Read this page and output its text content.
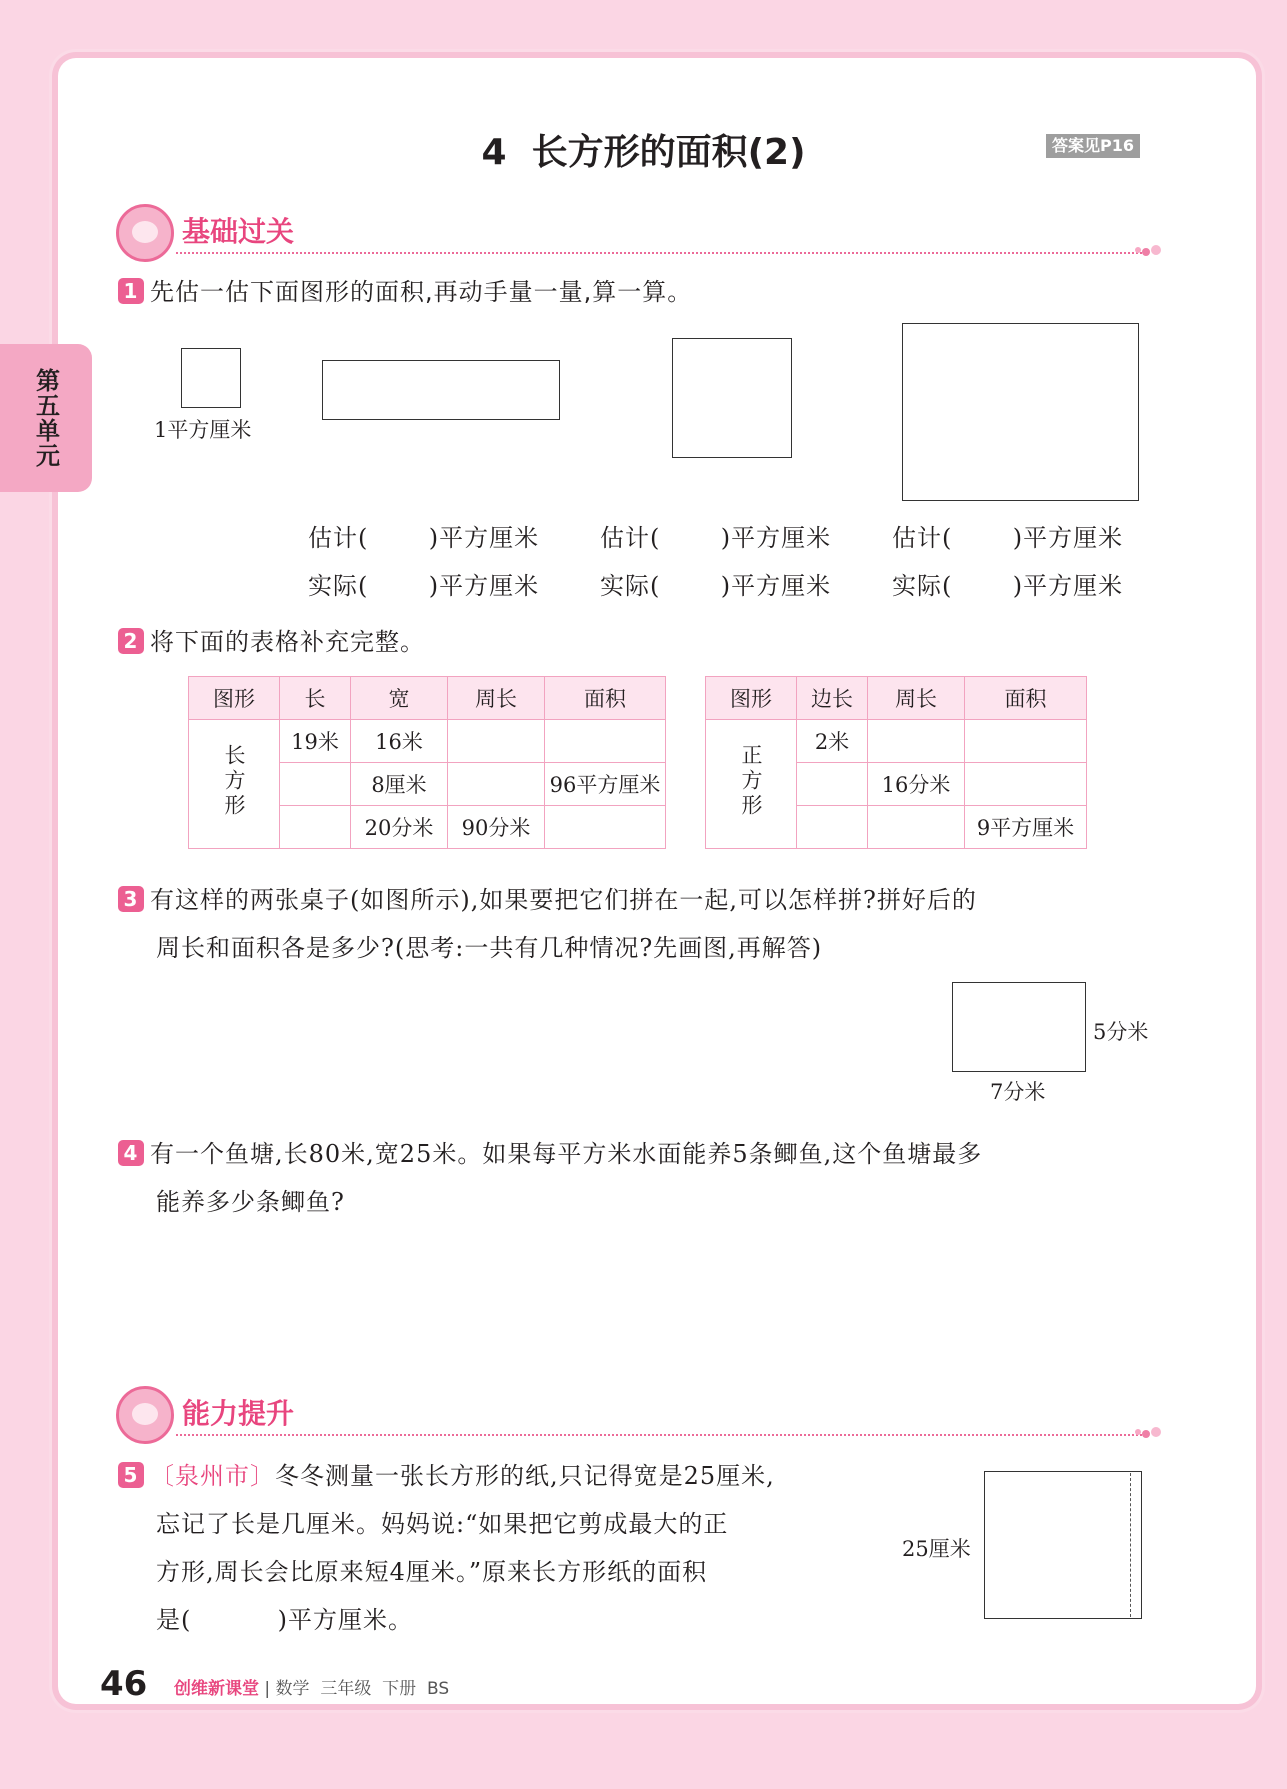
第五单元
4  长方形的面积(2)	答案见P16
基础过关
1 先估一估下面图形的面积,再动手量一量,算一算。
1平方厘米
估计(       )平方厘米
实际(       )平方厘米
估计(       )平方厘米
实际(       )平方厘米
估计(       )平方厘米
实际(       )平方厘米
2 将下面的表格补充完整。
图形	长	宽	周长	面积
长方形	19米	16米		
		8厘米		96平方厘米
		20分米	90分米	
图形	边长	周长	面积
正方形	2米		
		16分米	
			9平方厘米
3 有这样的两张桌子(如图所示),如果要把它们拼在一起,可以怎样拼?拼好后的
周长和面积各是多少?(思考:一共有几种情况?先画图,再解答)
5分米
7分米
4 有一个鱼塘,长80米,宽25米。如果每平方米水面能养5条鲫鱼,这个鱼塘最多
能养多少条鲫鱼?
能力提升
5 〔泉州市〕冬冬测量一张长方形的纸,只记得宽是25厘米,
忘记了长是几厘米。妈妈说:“如果把它剪成最大的正
方形,周长会比原来短4厘米。”原来长方形纸的面积
是(          )平方厘米。
25厘米
46 创维新课堂 | 数学  三年级  下册  BS
